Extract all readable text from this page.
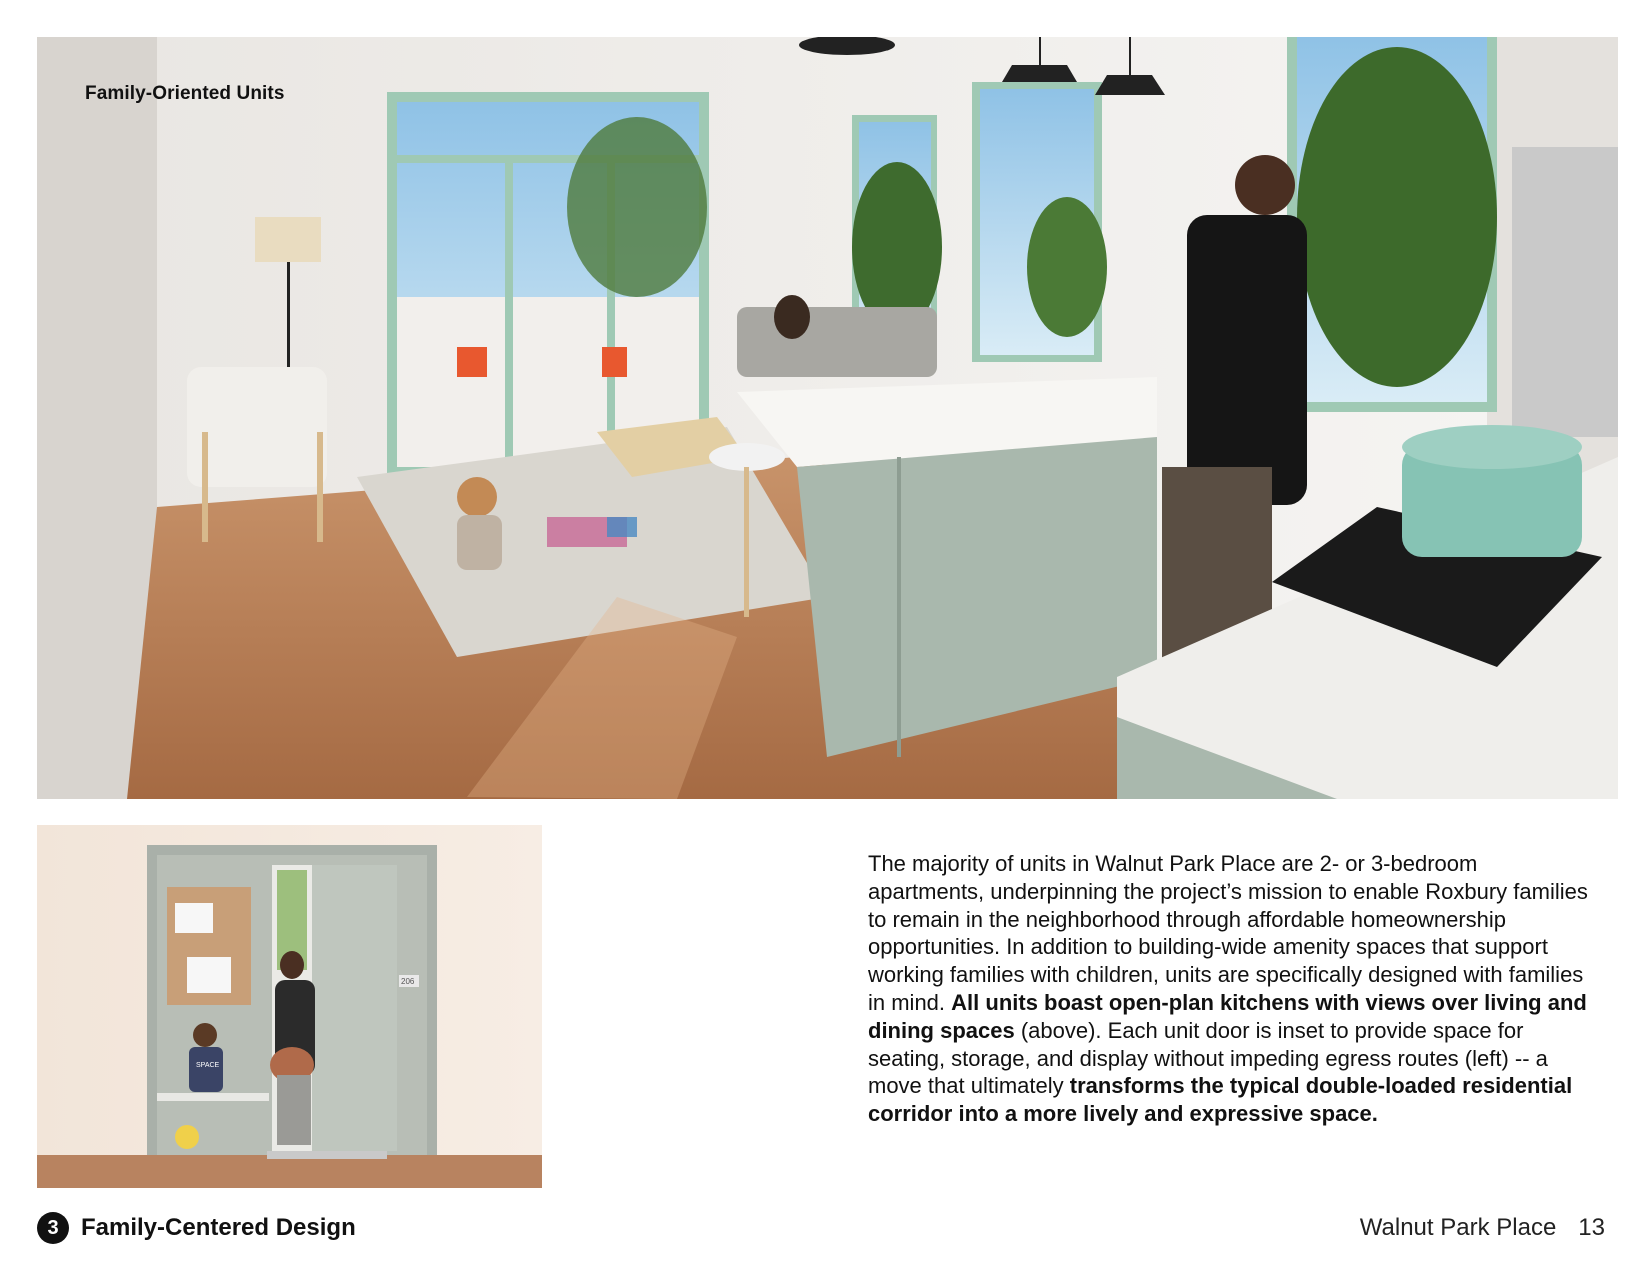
Family-Oriented Units
SPACE
206
The majority of units in Walnut Park Place are 2- or 3-bedroom apartments, underpinning the project’s mission to enable Roxbury families to remain in the neighborhood through affordable homeownership opportunities. In addition to building-wide amenity spaces that support working families with children, units are specifically designed with families in mind. All units boast open-plan kitchens with views over living and dining spaces (above). Each unit door is inset to provide space for seating, storage, and display without impeding egress routes (left) -- a move that ultimately transforms the typical double-loaded residential corridor into a more lively and expressive space.
3 Family-Centered Design	Walnut Park Place 13
